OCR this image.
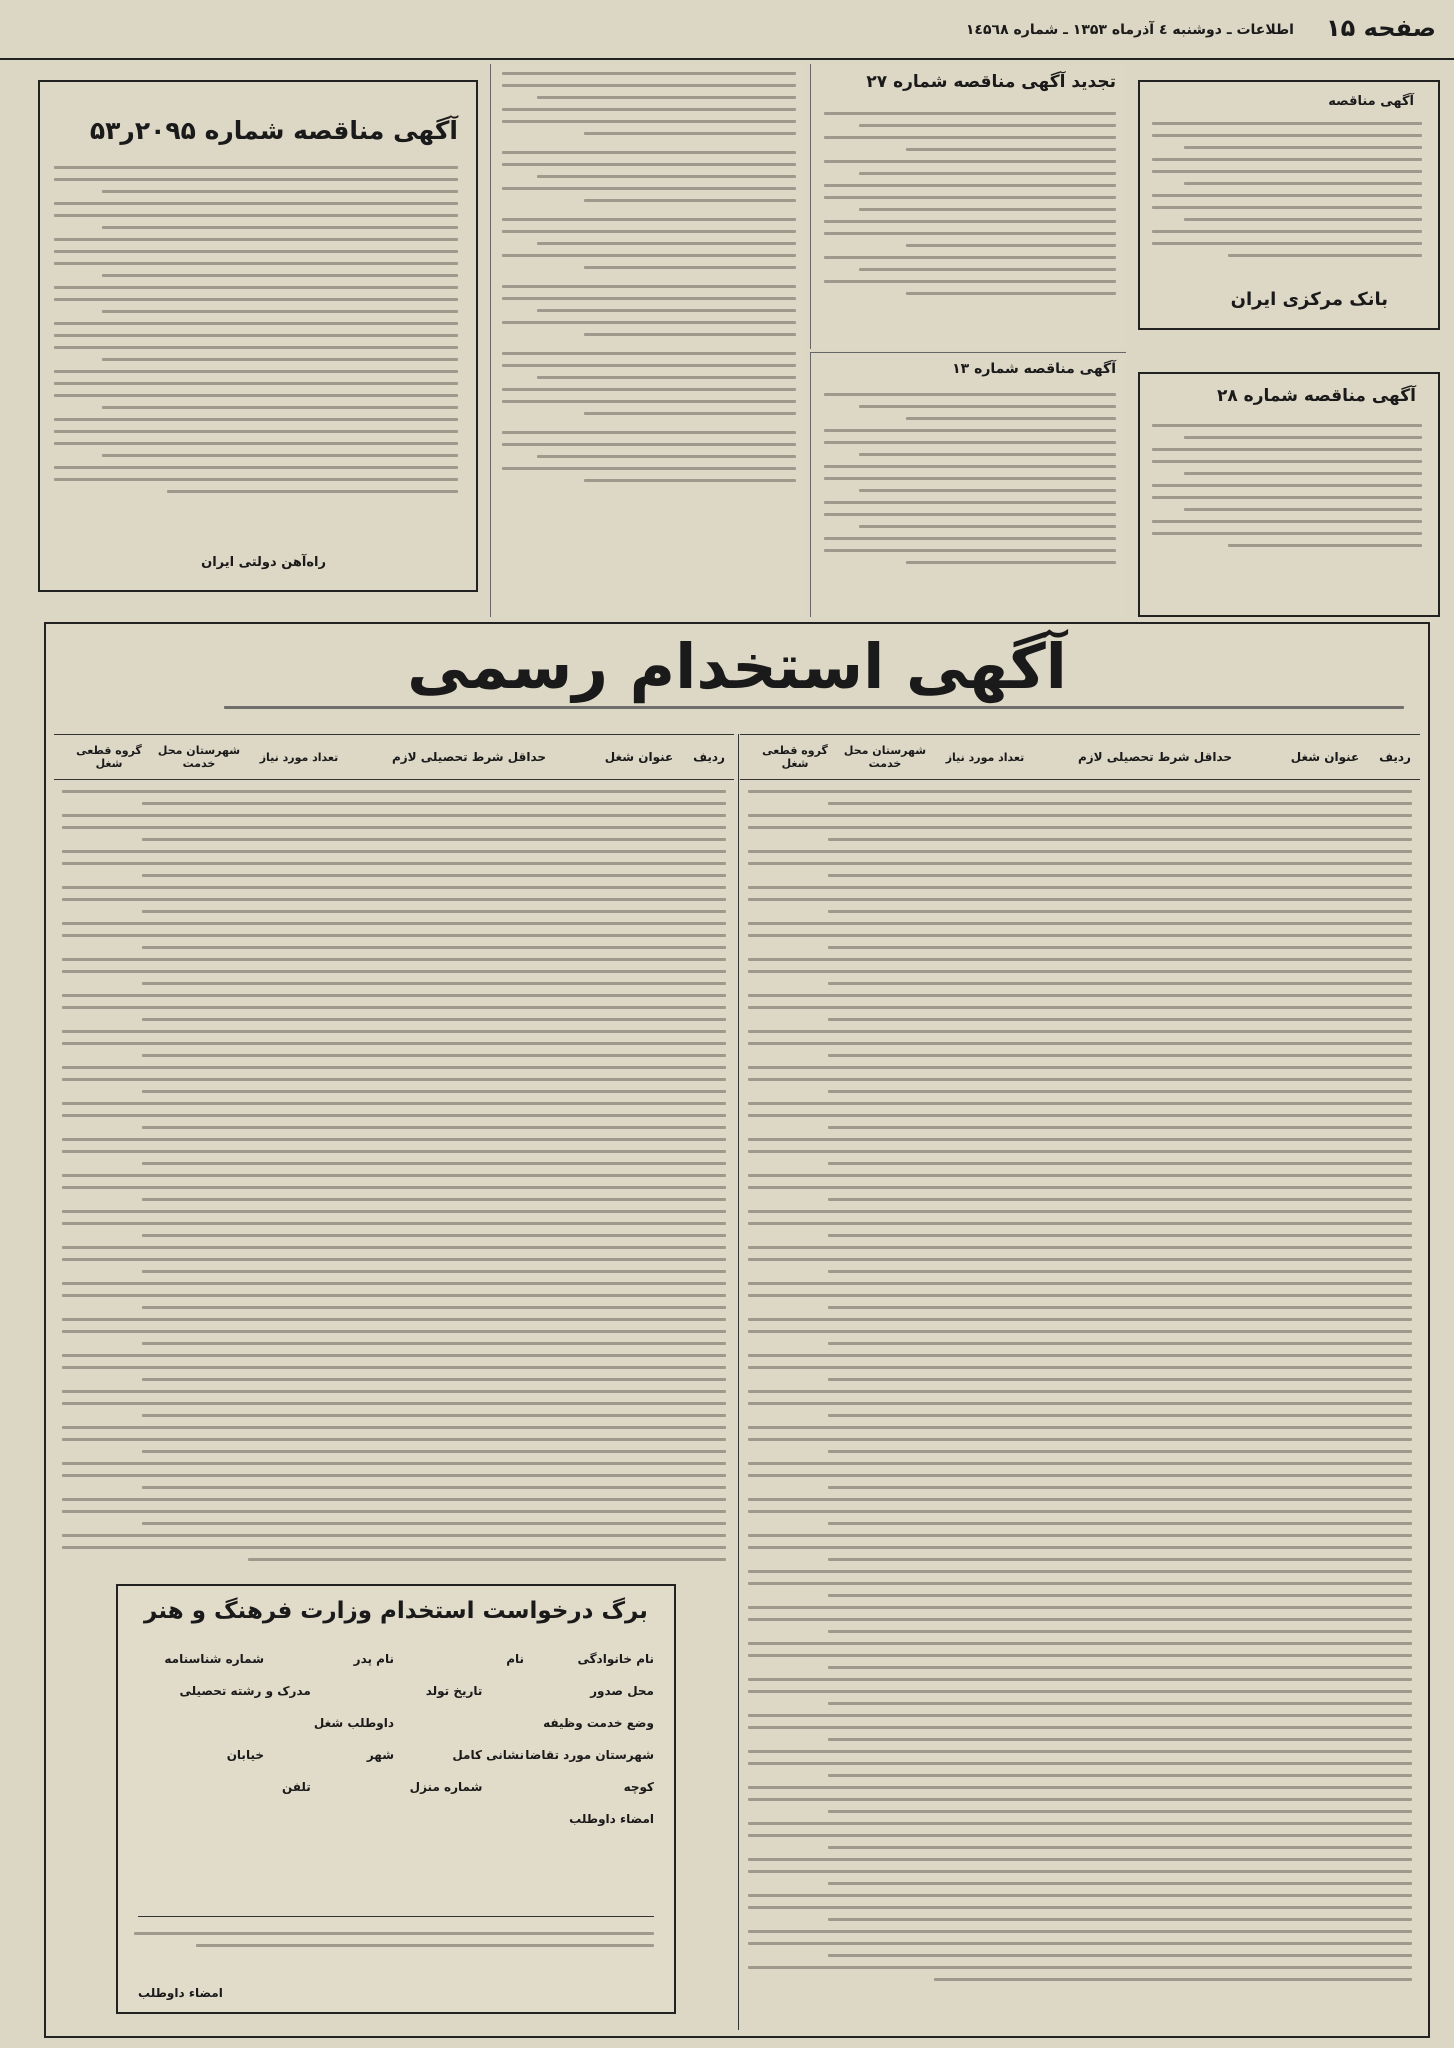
صفحه ۱۵
اطلاعات ـ دوشنبه ٤ آذرماه ۱۳۵۳ ـ شماره ۱٤۵٦۸
آگهی مناقصه
بانک مرکزی ایران
آگهی مناقصه شماره ۲۸
تجدید آگهی مناقصه شماره ۲۷
آگهی مناقصه شماره ۱۳
آگهی مناقصه شماره ۲۰۹۵ر۵۳
راه‌آهن دولتی ایران
آگهی استخدام رسمی
ردیف
عنوان شغل
حداقل شرط تحصیلی لازم
تعداد مورد نیاز
شهرستان محل خدمت
گروه قطعی شغل
ردیف
عنوان شغل
حداقل شرط تحصیلی لازم
تعداد مورد نیاز
شهرستان محل خدمت
گروه قطعی شغل
برگ درخواست استخدام وزارت فرهنگ و هنر
نام خانوادگی
نام
نام پدر
شماره شناسنامه
محل صدور
تاریخ تولد
مدرک و رشته تحصیلی
وضع خدمت وظیفه
داوطلب شغل
شهرستان مورد تقاضا
نشانی کامل
شهر
خیابان
کوچه
شماره منزل
تلفن
امضاء داوطلب
امضاء داوطلب
